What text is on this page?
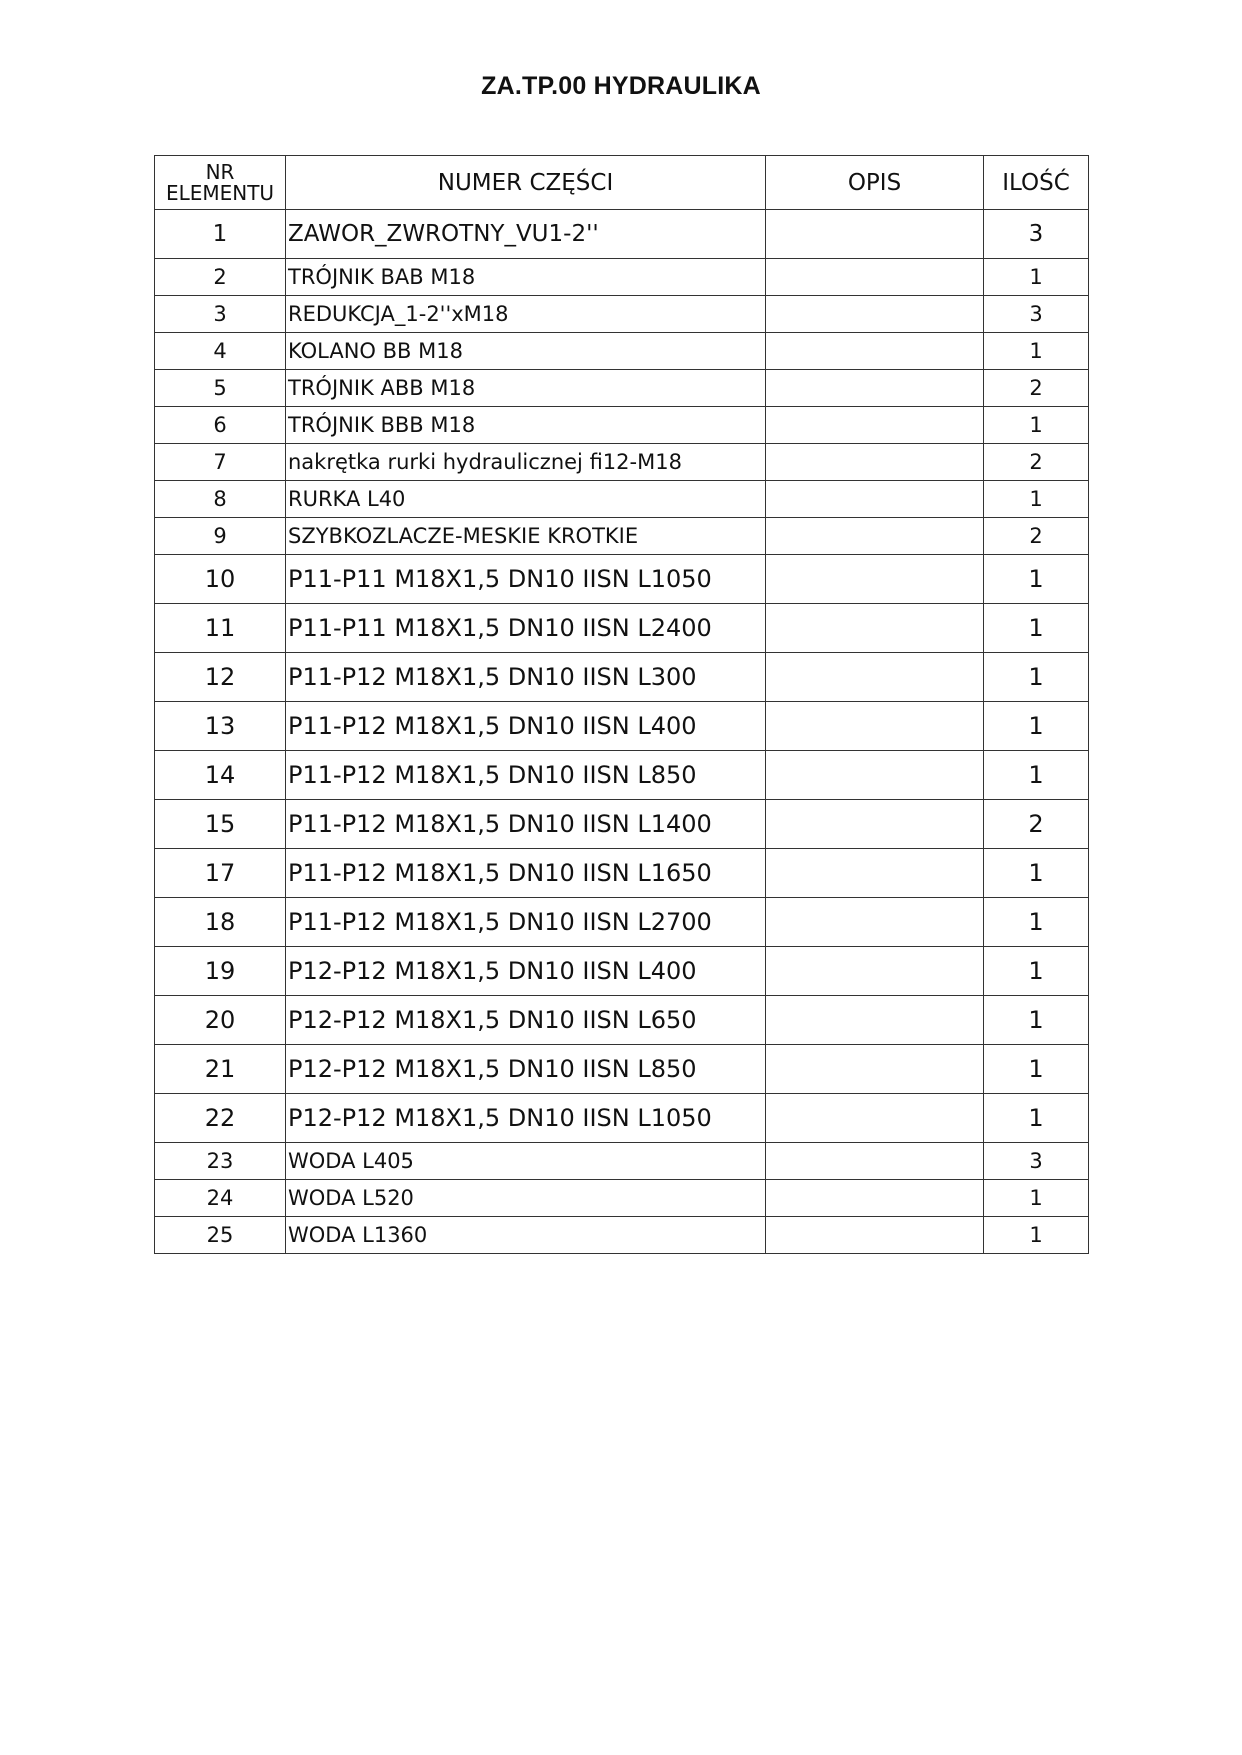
ZA.TP.00 HYDRAULIKA
NR
ELEMENTU	NUMER CZĘŚCI	OPIS	ILOŚĆ
1	ZAWOR_ZWROTNY_VU1-2''		3
2	TRÓJNIK BAB M18		1
3	REDUKCJA_1-2''xM18		3
4	KOLANO BB M18		1
5	TRÓJNIK ABB M18		2
6	TRÓJNIK BBB M18		1
7	nakrętka rurki hydraulicznej fi12-M18		2
8	RURKA L40		1
9	SZYBKOZLACZE-MESKIE KROTKIE		2
10	P11-P11 M18X1,5 DN10 IISN L1050		1
11	P11-P11 M18X1,5 DN10 IISN L2400		1
12	P11-P12 M18X1,5 DN10 IISN L300		1
13	P11-P12 M18X1,5 DN10 IISN L400		1
14	P11-P12 M18X1,5 DN10 IISN L850		1
15	P11-P12 M18X1,5 DN10 IISN L1400		2
17	P11-P12 M18X1,5 DN10 IISN L1650		1
18	P11-P12 M18X1,5 DN10 IISN L2700		1
19	P12-P12 M18X1,5 DN10 IISN L400		1
20	P12-P12 M18X1,5 DN10 IISN L650		1
21	P12-P12 M18X1,5 DN10 IISN L850		1
22	P12-P12 M18X1,5 DN10 IISN L1050		1
23	WODA L405		3
24	WODA L520		1
25	WODA L1360		1
